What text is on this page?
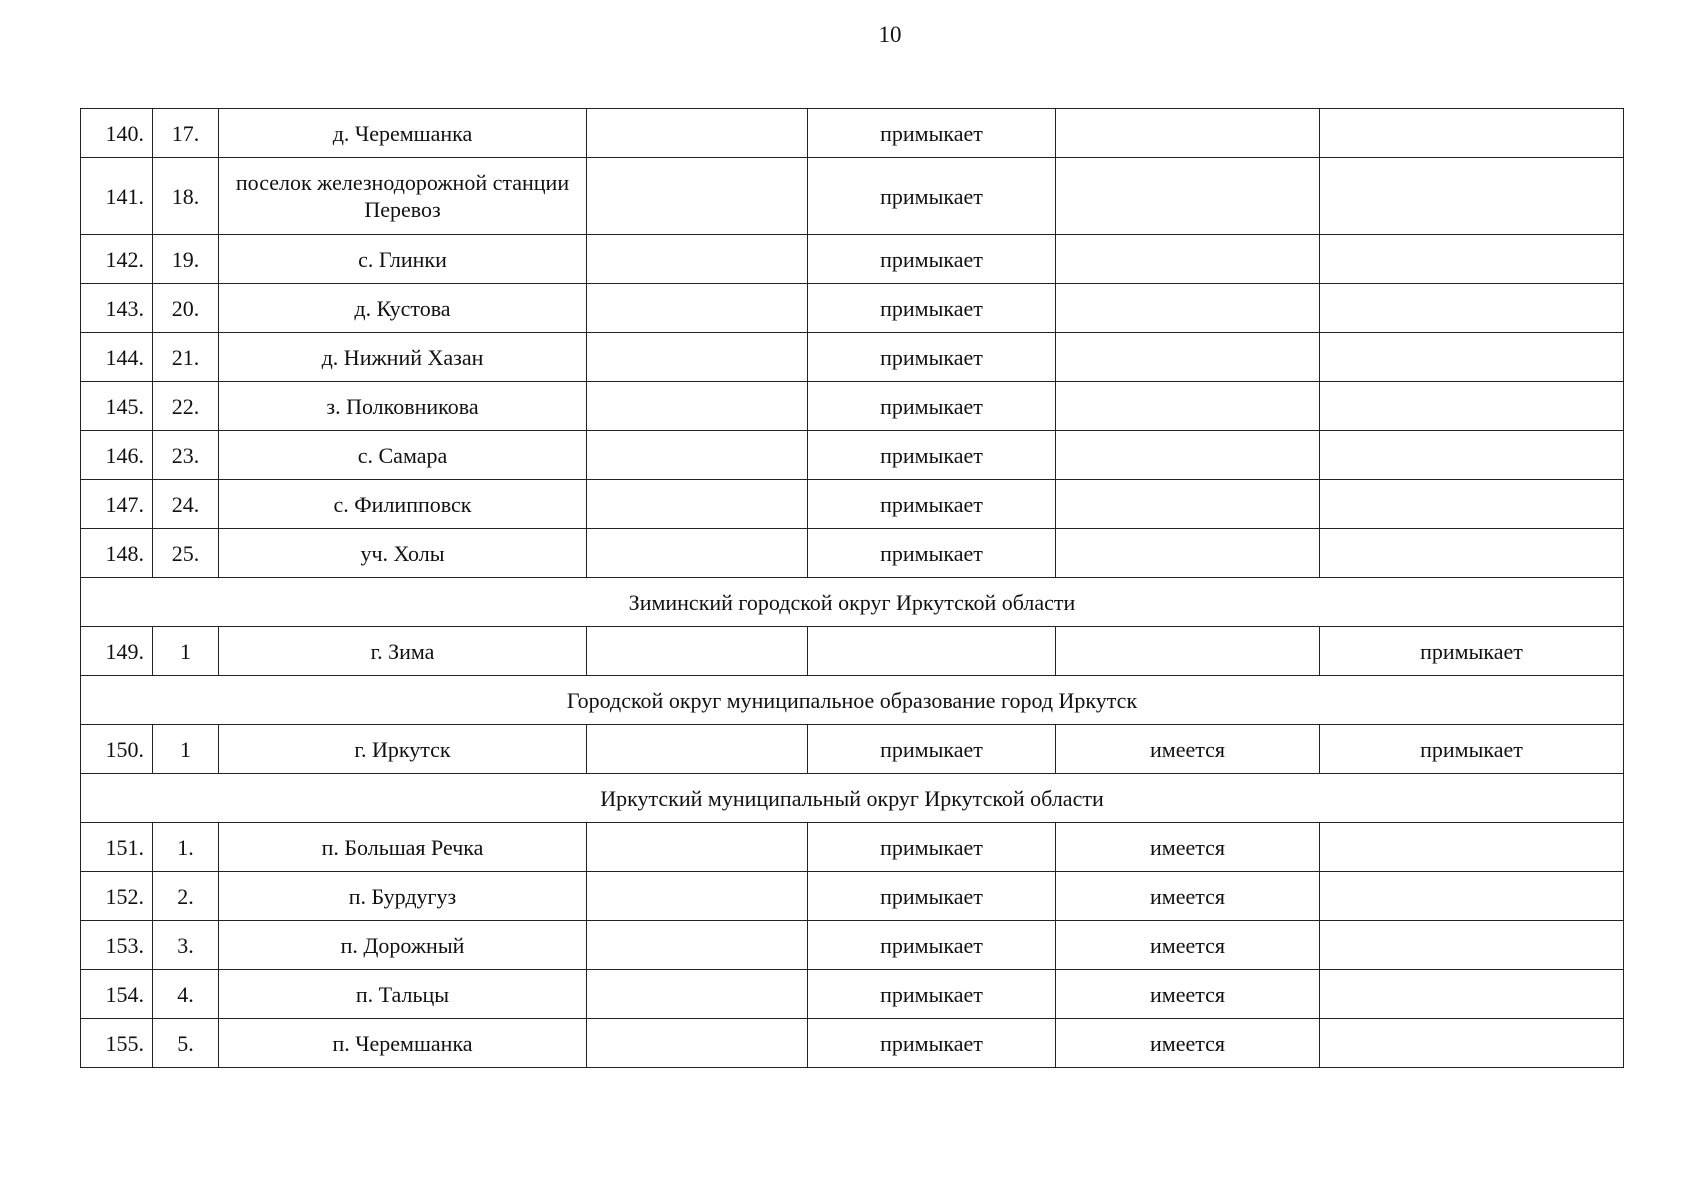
10
140.	17.	д. Черемшанка		примыкает		
141.	18.	поселок железнодорожной станции Перевоз		примыкает		
142.	19.	с. Глинки		примыкает		
143.	20.	д. Кустова		примыкает		
144.	21.	д. Нижний Хазан		примыкает		
145.	22.	з. Полковникова		примыкает		
146.	23.	с. Самара		примыкает		
147.	24.	с. Филипповск		примыкает		
148.	25.	уч. Холы		примыкает		
Зиминский городской округ Иркутской области						
149.	1	г. Зима				примыкает
Городской округ муниципальное образование город Иркутск						
150.	1	г. Иркутск		примыкает	имеется	примыкает
Иркутский муниципальный округ Иркутской области						
151.	1.	п. Большая Речка		примыкает	имеется	
152.	2.	п. Бурдугуз		примыкает	имеется	
153.	3.	п. Дорожный		примыкает	имеется	
154.	4.	п. Тальцы		примыкает	имеется	
155.	5.	п. Черемшанка		примыкает	имеется	
